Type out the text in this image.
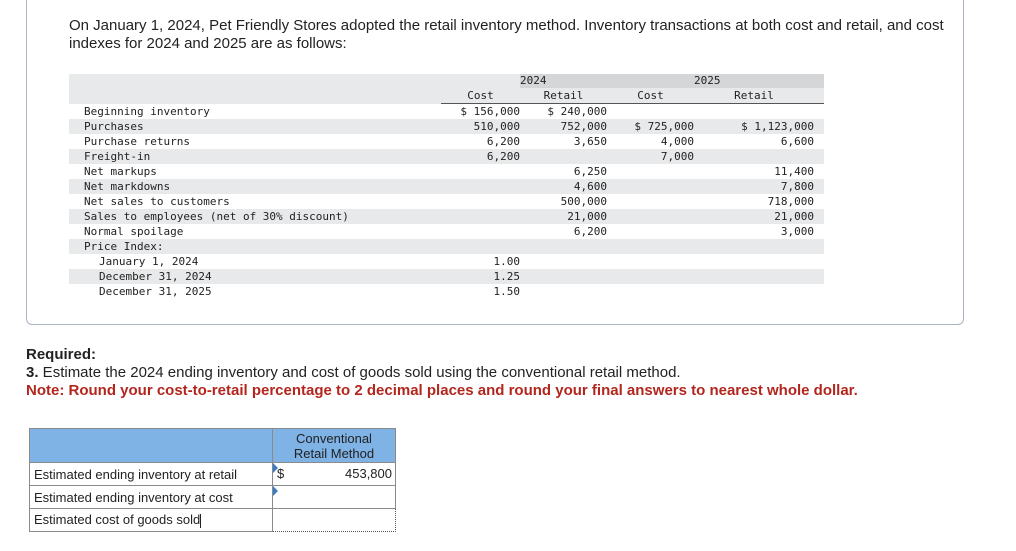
On January 1, 2024, Pet Friendly Stores adopted the retail inventory method. Inventory transactions at both cost and retail, and cost indexes for 2024 and 2025 are as follows:

		2024		2025
	Cost	Retail	Cost	Retail
Beginning inventory	$ 156,000	$ 240,000		
Purchases	510,000	752,000	$ 725,000	$ 1,123,000
Purchase returns	6,200	3,650	4,000	6,600
Freight-in	6,200		7,000	
Net markups		6,250		11,400
Net markdowns		4,600		7,800
Net sales to customers		500,000		718,000
Sales to employees (net of 30% discount)		21,000		21,000
Normal spoilage		6,200		3,000
Price Index:				
January 1, 2024	1.00			
December 31, 2024	1.25			
December 31, 2025	1.50			
Required:
3. Estimate the 2024 ending inventory and cost of goods sold using the conventional retail method.
Note: Round your cost-to-retail percentage to 2 decimal places and round your final answers to nearest whole dollar.
	Conventional
Retail Method
Estimated ending inventory at retail	$ 453,800

Estimated ending inventory at cost	

Estimated cost of goods sold	
